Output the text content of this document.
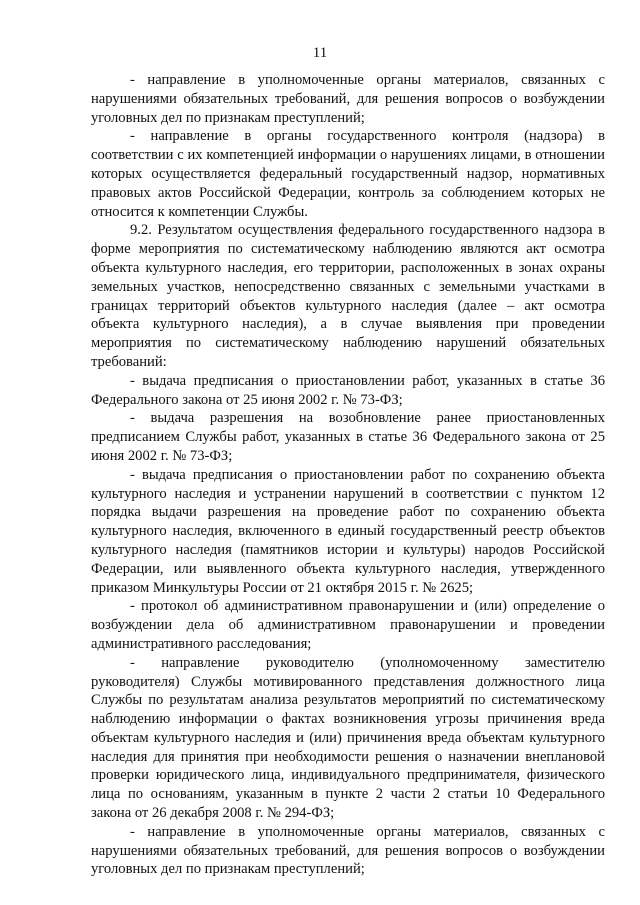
11

- направление в уполномоченные органы материалов, связанных с нарушениями обязательных требований, для решения вопросов о возбуждении уголовных дел по признакам преступлений;

- направление в органы государственного контроля (надзора) в соответствии с их компетенцией информации о нарушениях лицами, в отношении которых осуществляется федеральный государственный надзор, нормативных правовых актов Российской Федерации, контроль за соблюдением которых не относится к компетенции Службы.

9.2. Результатом осуществления федерального государственного надзора в форме мероприятия по систематическому наблюдению являются акт осмотра объекта культурного наследия, его территории, расположенных в зонах охраны земельных участков, непосредственно связанных с земельными участками в границах территорий объектов культурного наследия (далее – акт осмотра объекта культурного наследия), а в случае выявления при проведении мероприятия по систематическому наблюдению нарушений обязательных требований:

- выдача предписания о приостановлении работ, указанных в статье 36 Федерального закона от 25 июня 2002 г. № 73-ФЗ;

- выдача разрешения на возобновление ранее приостановленных предписанием Службы работ, указанных в статье 36 Федерального закона от 25 июня 2002 г. № 73-ФЗ;

- выдача предписания о приостановлении работ по сохранению объекта культурного наследия и устранении нарушений в соответствии с пунктом 12 порядка выдачи разрешения на проведение работ по сохранению объекта культурного наследия, включенного в единый государственный реестр объектов культурного наследия (памятников истории и культуры) народов Российской Федерации, или выявленного объекта культурного наследия, утвержденного приказом Минкультуры России от 21 октября 2015 г. № 2625;

- протокол об административном правонарушении и (или) определение о возбуждении дела об административном правонарушении и проведении административного расследования;

- направление руководителю (уполномоченному заместителю руководителя) Службы мотивированного представления должностного лица Службы по результатам анализа результатов мероприятий по систематическому наблюдению информации о фактах возникновения угрозы причинения вреда объектам культурного наследия и (или) причинения вреда объектам культурного наследия для принятия при необходимости решения о назначении внеплановой проверки юридического лица, индивидуального предпринимателя, физического лица по основаниям, указанным в пункте 2 части 2 статьи 10 Федерального закона от 26 декабря 2008 г. № 294-ФЗ;

- направление в уполномоченные органы материалов, связанных с нарушениями обязательных требований, для решения вопросов о возбуждении уголовных дел по признакам преступлений;
